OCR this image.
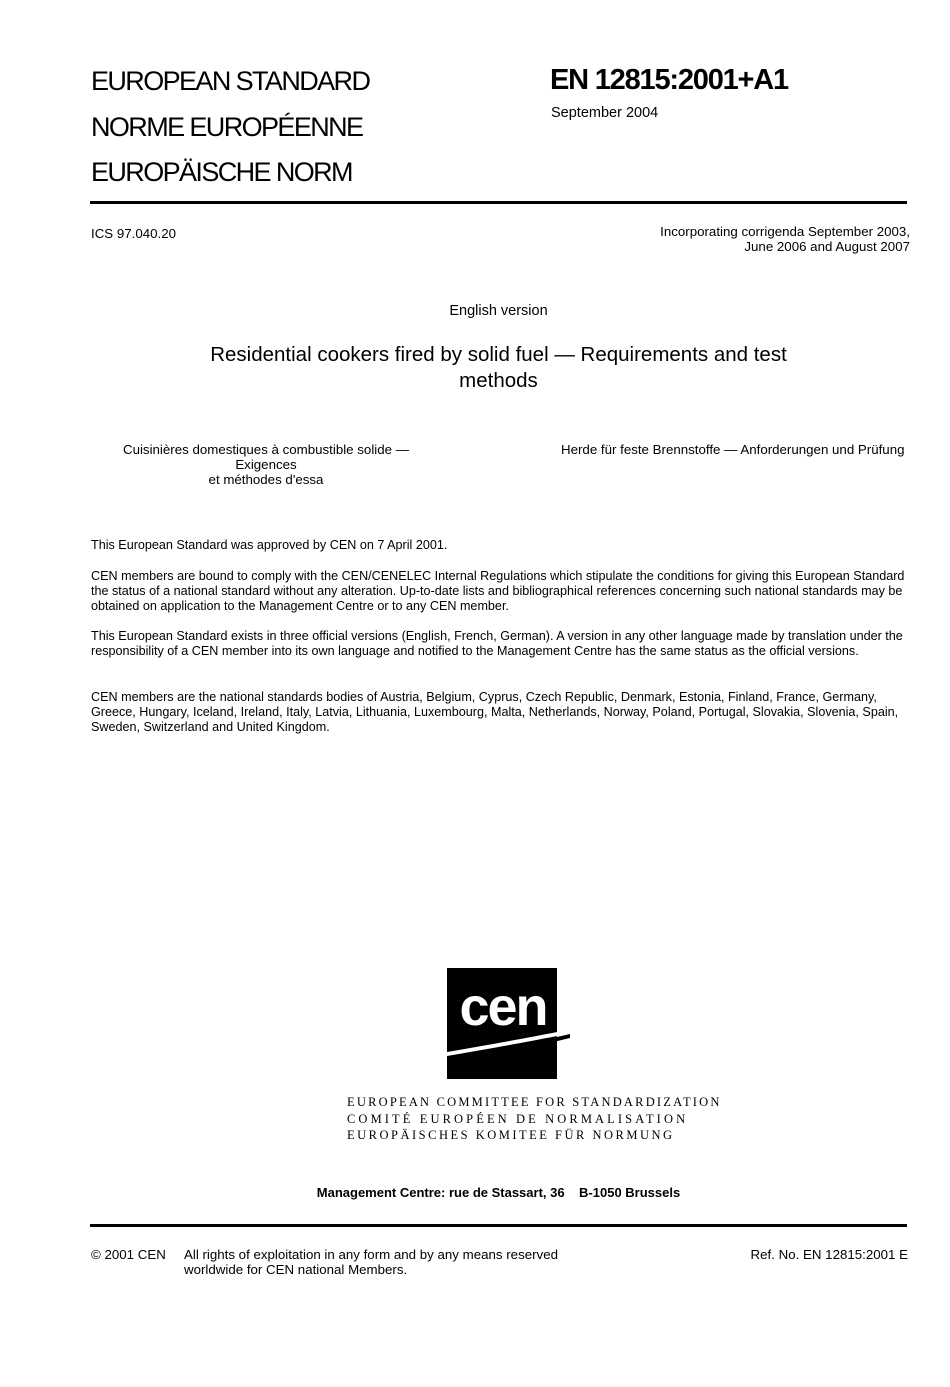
EUROPEAN STANDARD
NORME EUROPÉENNE
EUROPÄISCHE NORM
EN 12815:2001+A1
September 2004
ICS 97.040.20	Incorporating corrigenda September 2003,
June 2006 and August 2007
English version
Residential cookers fired by solid fuel — Requirements and test
methods
Cuisinières domestiques à combustible solide — Exigences
et méthodes d'essa
Herde für feste Brennstoffe — Anforderungen und Prüfung
This European Standard was approved by CEN on 7 April 2001.
CEN members are bound to comply with the CEN/CENELEC Internal Regulations which stipulate the conditions for giving this European Standard the status of a national standard without any alteration. Up-to-date lists and bibliographical references concerning such national standards may be obtained on application to the Management Centre or to any CEN member.
This European Standard exists in three official versions (English, French, German). A version in any other language made by translation under the responsibility of a CEN member into its own language and notified to the Management Centre has the same status as the official versions.
CEN members are the national standards bodies of Austria, Belgium, Cyprus, Czech Republic, Denmark, Estonia, Finland, France, Germany, Greece, Hungary, Iceland, Ireland, Italy, Latvia, Lithuania, Luxembourg, Malta, Netherlands, Norway, Poland, Portugal, Slovakia, Slovenia, Spain, Sweden, Switzerland and United Kingdom.
cen
EUROPEAN COMMITTEE FOR STANDARDIZATION
COMITÉ EUROPÉEN DE NORMALISATION
EUROPÄISCHES KOMITEE FÜR NORMUNG
Management Centre: rue de Stassart, 36    B-1050 Brussels
© 2001 CEN All rights of exploitation in any form and by any means reserved
worldwide for CEN national Members.
Ref. No. EN 12815:2001 E
